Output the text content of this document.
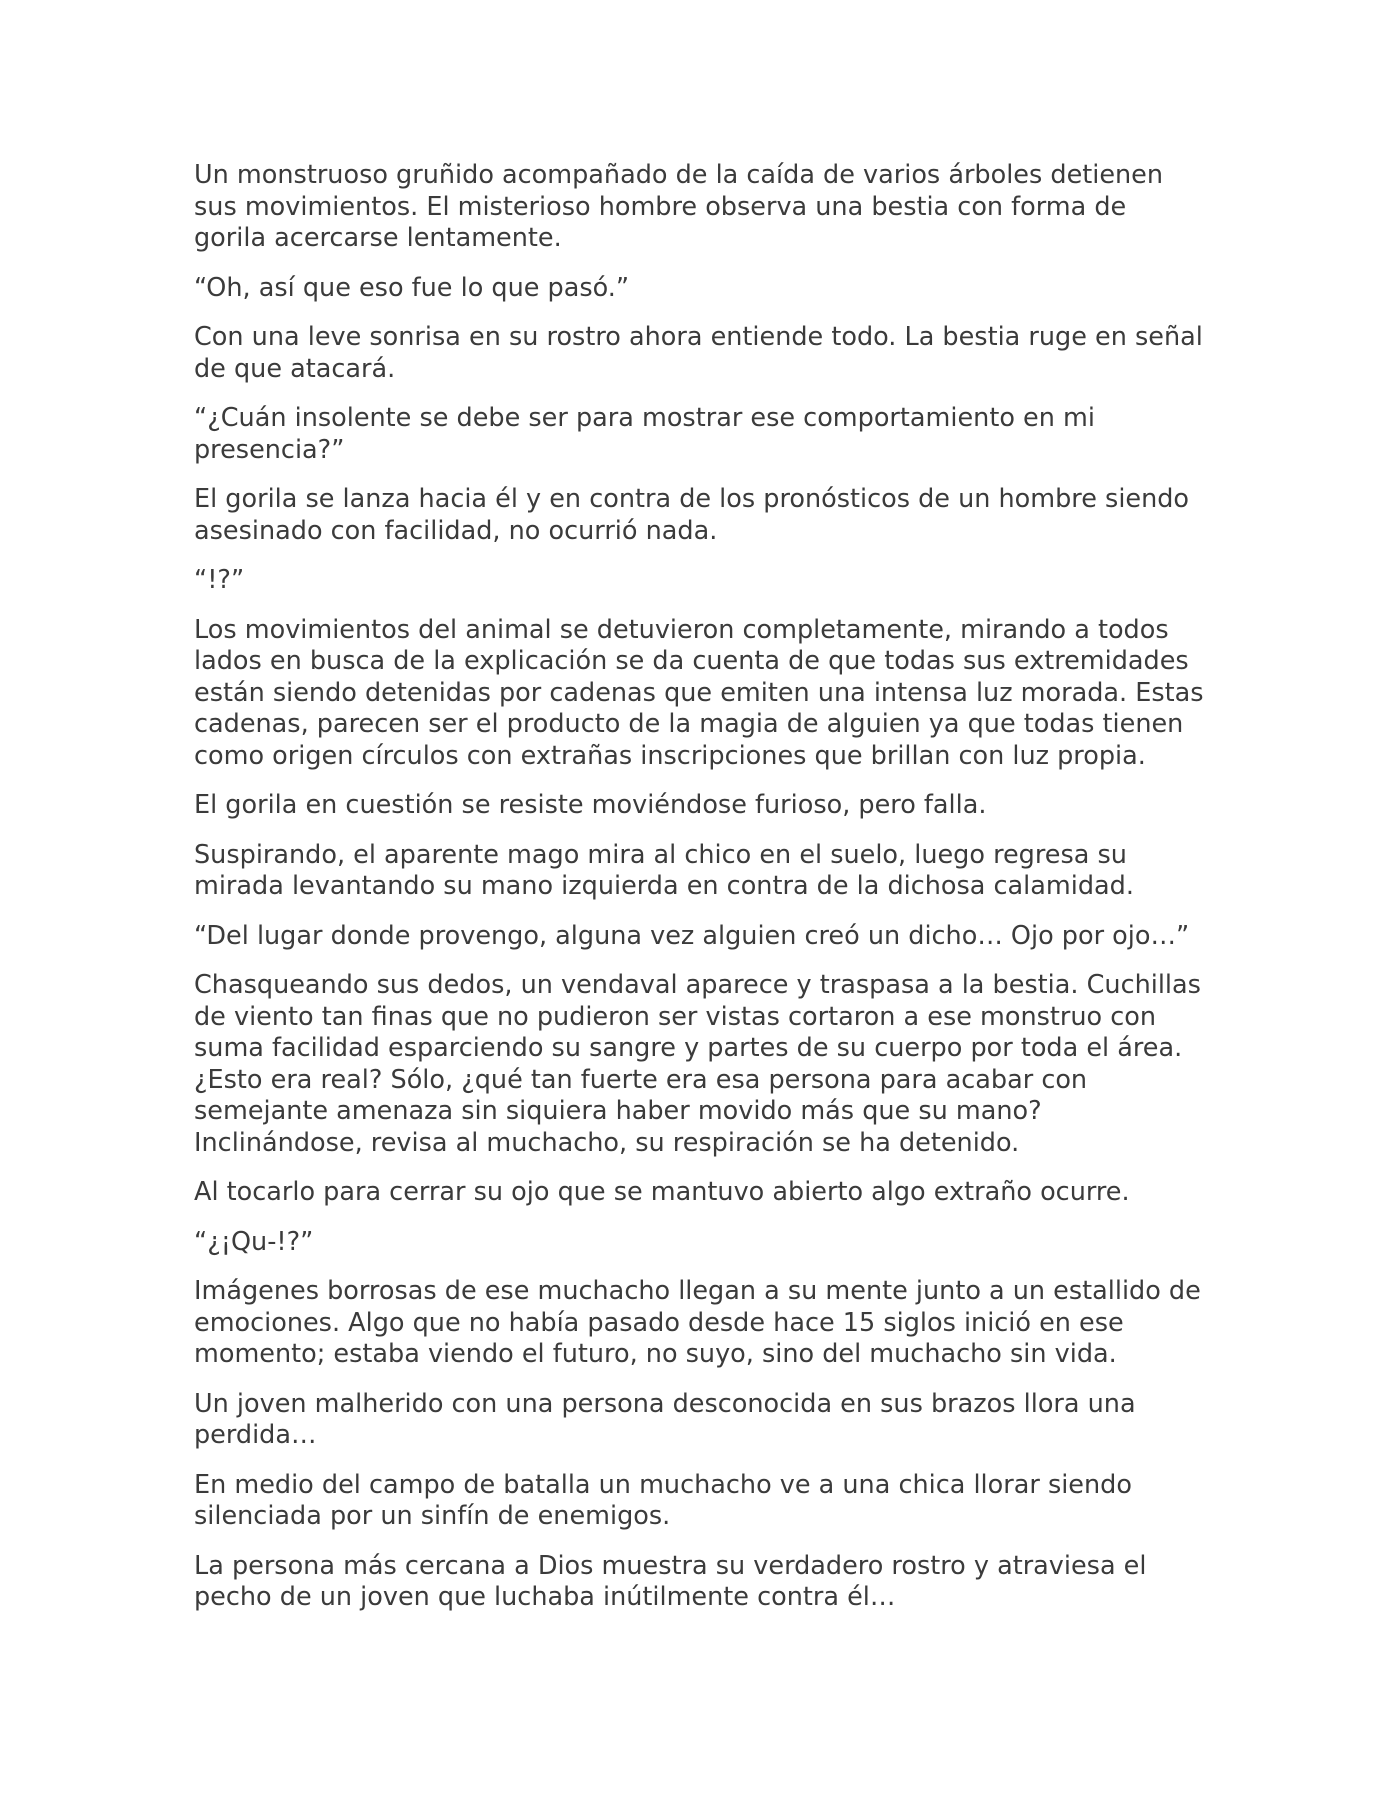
Un monstruoso gruñido acompañado de la caída de varios árboles detienen sus movimientos. El misterioso hombre observa una bestia con forma de gorila acercarse lentamente.

“Oh, así que eso fue lo que pasó.”

Con una leve sonrisa en su rostro ahora entiende todo. La bestia ruge en señal de que atacará.

“¿Cuán insolente se debe ser para mostrar ese comportamiento en mi presencia?”

El gorila se lanza hacia él y en contra de los pronósticos de un hombre siendo asesinado con facilidad, no ocurrió nada.

“!?”

Los movimientos del animal se detuvieron completamente, mirando a todos lados en busca de la explicación se da cuenta de que todas sus extremidades están siendo detenidas por cadenas que emiten una intensa luz morada. Estas cadenas, parecen ser el producto de la magia de alguien ya que todas tienen como origen círculos con extrañas inscripciones que brillan con luz propia.

El gorila en cuestión se resiste moviéndose furioso, pero falla.

Suspirando, el aparente mago mira al chico en el suelo, luego regresa su mirada levantando su mano izquierda en contra de la dichosa calamidad.

“Del lugar donde provengo, alguna vez alguien creó un dicho… Ojo por ojo…”

Chasqueando sus dedos, un vendaval aparece y traspasa a la bestia. Cuchillas de viento tan finas que no pudieron ser vistas cortaron a ese monstruo con suma facilidad esparciendo su sangre y partes de su cuerpo por toda el área. ¿Esto era real? Sólo, ¿qué tan fuerte era esa persona para acabar con semejante amenaza sin siquiera haber movido más que su mano? Inclinándose, revisa al muchacho, su respiración se ha detenido.

Al tocarlo para cerrar su ojo que se mantuvo abierto algo extraño ocurre.

“¿¡Qu-!?”

Imágenes borrosas de ese muchacho llegan a su mente junto a un estallido de emociones. Algo que no había pasado desde hace 15 siglos inició en ese momento; estaba viendo el futuro, no suyo, sino del muchacho sin vida.

Un joven malherido con una persona desconocida en sus brazos llora una perdida…

En medio del campo de batalla un muchacho ve a una chica llorar siendo silenciada por un sinfín de enemigos.

La persona más cercana a Dios muestra su verdadero rostro y atraviesa el pecho de un joven que luchaba inútilmente contra él…
